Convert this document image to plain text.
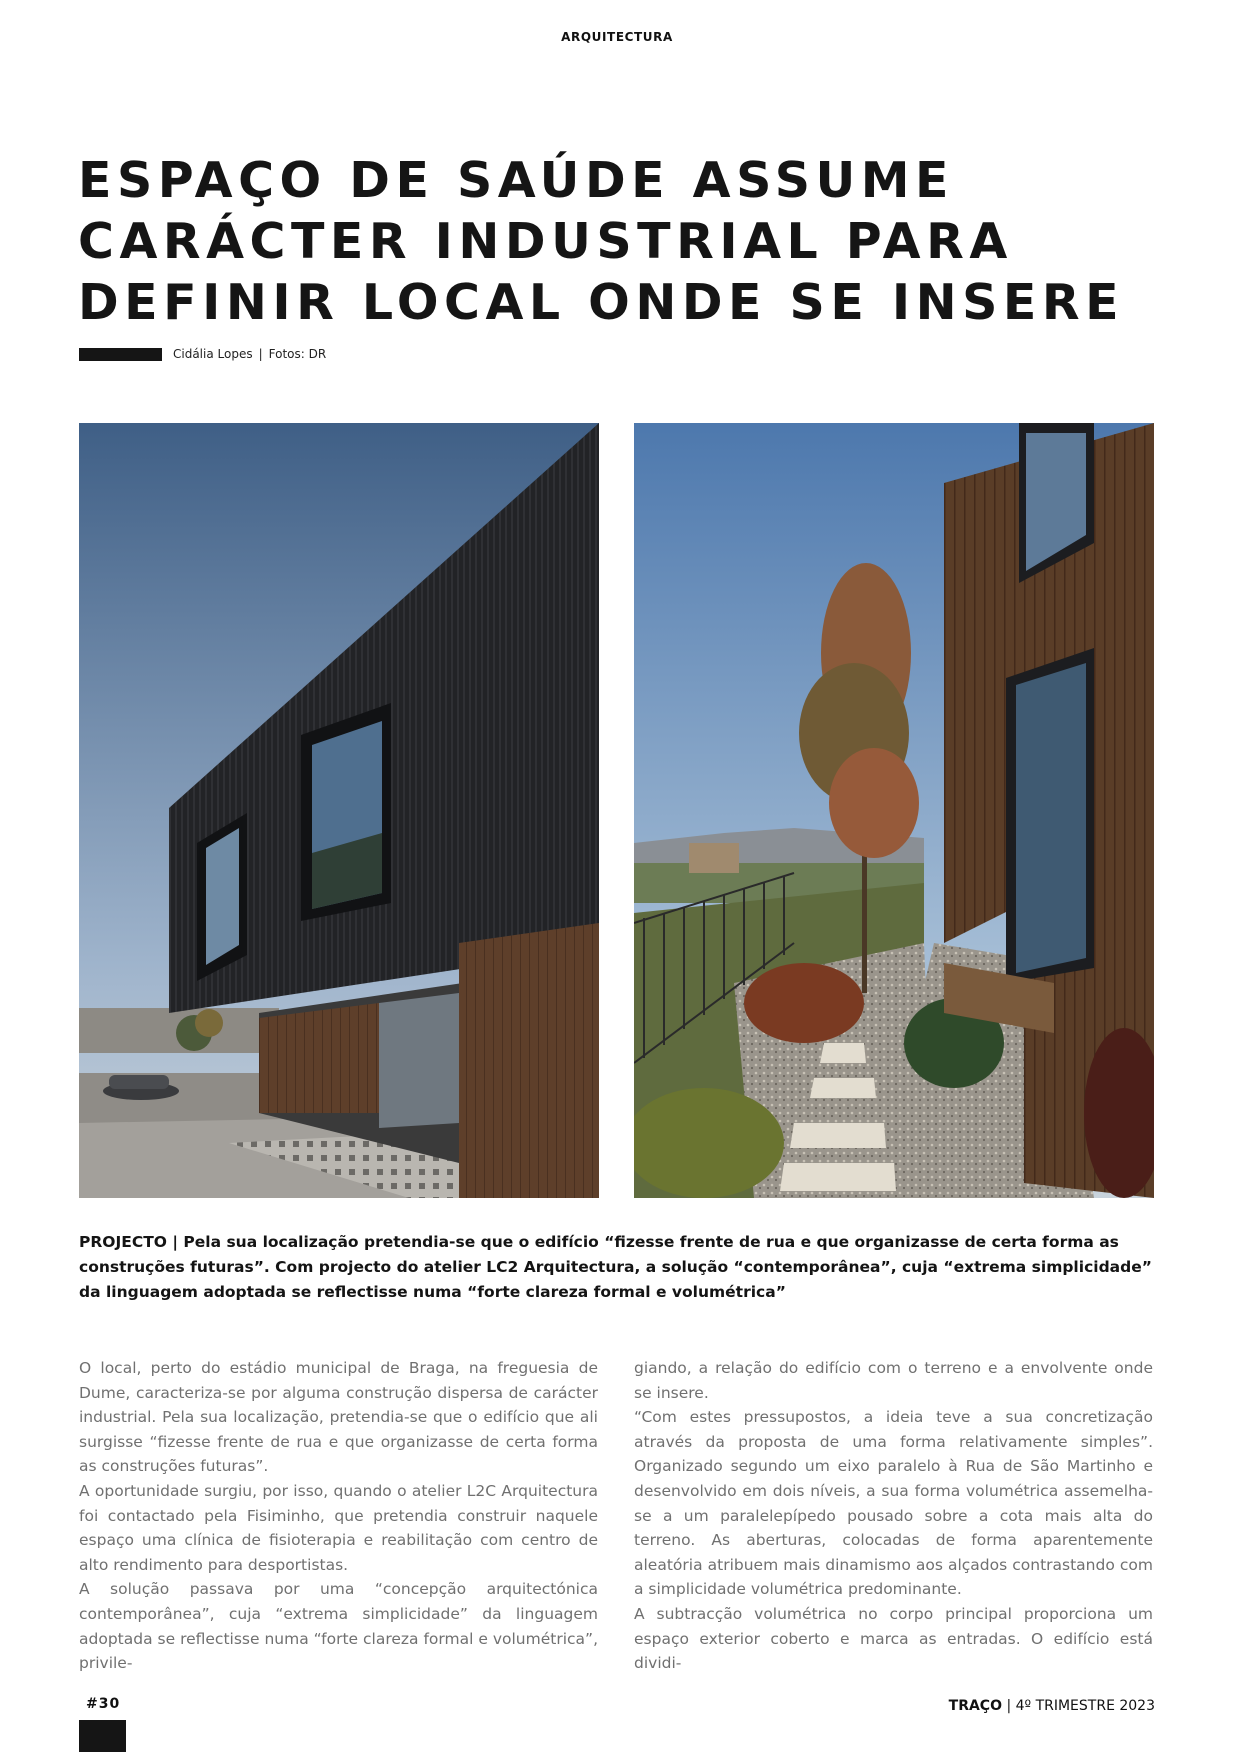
ARQUITECTURA
ESPAÇO DE SAÚDE ASSUME
CARÁCTER INDUSTRIAL PARA
DEFINIR LOCAL ONDE SE INSERE
Cidália Lopes | Fotos: DR

PROJECTO | Pela sua localização pretendia-se que o edifício “fizesse frente de rua e que organizasse de certa forma as construções futuras”. Com projecto do atelier LC2 Arquitectura, a solução “contemporânea”, cuja “extrema simplicidade” da linguagem adoptada se reflectisse numa “forte clareza formal e volumétrica”

O local, perto do estádio municipal de Braga, na freguesia de Dume, caracteriza-se por alguma construção dispersa de carácter industrial. Pela sua localização, pretendia-se que o edifício que ali surgisse “fizesse frente de rua e que organizasse de certa forma as construções futuras”.

A oportunidade surgiu, por isso, quando o atelier L2C Arquitectura foi contactado pela Fisiminho, que pretendia construir naquele espaço uma clínica de fisioterapia e reabilitação com centro de alto rendimento para desportistas.

A solução passava por uma “concepção arquitectónica contemporânea”, cuja “extrema simplicidade” da linguagem adoptada se reflectisse numa “forte clareza formal e volumétrica”, privile-

giando, a relação do edifício com o terreno e a envolvente onde se insere.

“Com estes pressupostos, a ideia teve a sua concretização através da proposta de uma forma relativamente simples”. Organizado segundo um eixo paralelo à Rua de São Martinho e desenvolvido em dois níveis, a sua forma volumétrica assemelha-se a um paralelepípedo pousado sobre a cota mais alta do terreno. As aberturas, colocadas de forma aparentemente aleatória atribuem mais dinamismo aos alçados contrastando com a simplicidade volumétrica predominante.

A subtracção volumétrica no corpo principal proporciona um espaço exterior coberto e marca as entradas. O edifício está dividi-

#30	TRAÇO | 4º TRIMESTRE 2023
